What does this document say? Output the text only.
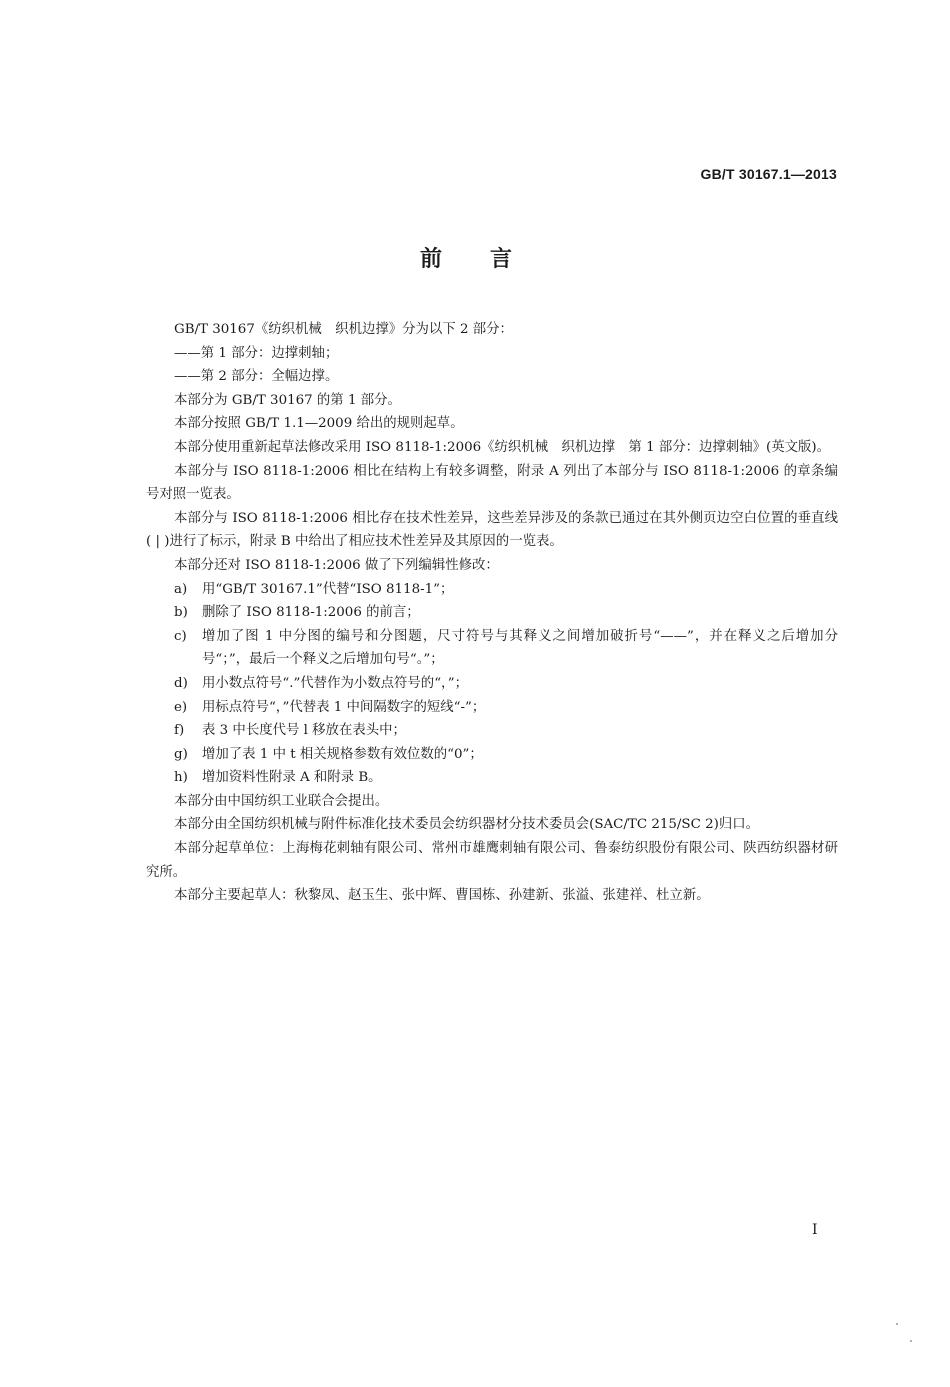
GB/T 30167.1—2013
前言

GB/T 30167《纺织机械　织机边撑》分为以下 2 部分：

——第 1 部分：边撑刺轴；

——第 2 部分：全幅边撑。

本部分为 GB/T 30167 的第 1 部分。

本部分按照 GB/T 1.1—2009 给出的规则起草。

本部分使用重新起草法修改采用 ISO 8118-1:2006《纺织机械　织机边撑　第 1 部分：边撑刺轴》(英文版)。

本部分与 ISO 8118-1:2006 相比在结构上有较多调整，附录 A 列出了本部分与 ISO 8118-1:2006 的章条编号对照一览表。

本部分与 ISO 8118-1:2006 相比存在技术性差异，这些差异涉及的条款已通过在其外侧页边空白位置的垂直线( | )进行了标示，附录 B 中给出了相应技术性差异及其原因的一览表。

本部分还对 ISO 8118-1:2006 做了下列编辑性修改：

a)	用“GB/T 30167.1”代替“ISO 8118-1”；
b)	删除了 ISO 8118-1:2006 的前言；
c)	增加了图 1 中分图的编号和分图题，尺寸符号与其释义之间增加破折号“——”，并在释义之后增加分号“；”，最后一个释义之后增加句号“。”；
d)	用小数点符号“.”代替作为小数点符号的“，”；
e)	用标点符号“，”代替表 1 中间隔数字的短线“-”；
f)	表 3 中长度代号 l 移放在表头中；
g)	增加了表 1 中 t 相关规格参数有效位数的“0”；
h)	增加资料性附录 A 和附录 B。

本部分由中国纺织工业联合会提出。

本部分由全国纺织机械与附件标准化技术委员会纺织器材分技术委员会(SAC/TC 215/SC 2)归口。

本部分起草单位：上海梅花刺轴有限公司、常州市雄鹰刺轴有限公司、鲁泰纺织股份有限公司、陕西纺织器材研究所。

本部分主要起草人：秋黎凤、赵玉生、张中辉、曹国栋、孙建新、张溢、张建祥、杜立新。

I
